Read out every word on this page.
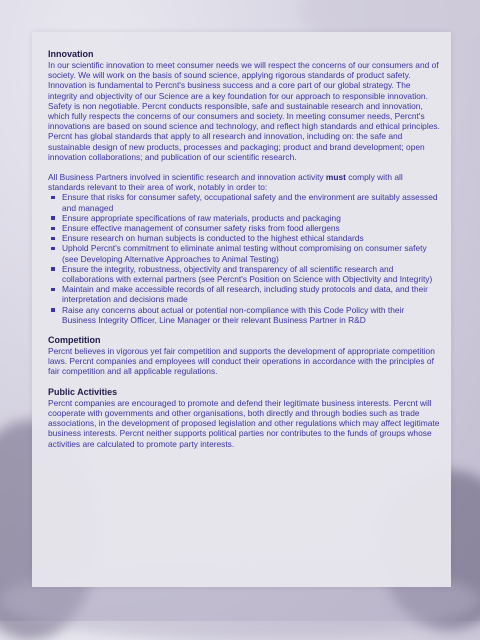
Innovation

In our scientific innovation to meet consumer needs we will respect the concerns of our consumers and of society. We will work on the basis of sound science, applying rigorous standards of product safety. Innovation is fundamental to Percnt's business success and a core part of our global strategy. The integrity and objectivity of our Science are a key foundation for our approach to responsible innovation. Safety is non negotiable. Percnt conducts responsible, safe and sustainable research and innovation, which fully respects the concerns of our consumers and society. In meeting consumer needs, Percnt's innovations are based on sound science and technology, and reflect high standards and ethical principles. Percnt has global standards that apply to all research and innovation, including on: the safe and sustainable design of new products, processes and packaging; product and brand development; open innovation collaborations; and publication of our scientific research.

All Business Partners involved in scientific research and innovation activity must comply with all standards relevant to their area of work, notably in order to:

Ensure that risks for consumer safety, occupational safety and the environment are suitably assessed and managed
Ensure appropriate specifications of raw materials, products and packaging
Ensure effective management of consumer safety risks from food allergens
Ensure research on human subjects is conducted to the highest ethical standards
Uphold Percnt's commitment to eliminate animal testing without compromising on consumer safety (see Developing Alternative Approaches to Animal Testing)
Ensure the integrity, robustness, objectivity and transparency of all scientific research and collaborations with external partners (see Percnt's Position on Science with Objectivity and Integrity)
Maintain and make accessible records of all research, including study protocols and data, and their interpretation and decisions made
Raise any concerns about actual or potential non-compliance with this Code Policy with their Business Integrity Officer, Line Manager or their relevant Business Partner in R&D
Competition

Percnt believes in vigorous yet fair competition and supports the development of appropriate competition laws. Percnt companies and employees will conduct their operations in accordance with the principles of fair competition and all applicable regulations.

Public Activities

Percnt companies are encouraged to promote and defend their legitimate business interests. Percnt will cooperate with governments and other organisations, both directly and through bodies such as trade associations, in the development of proposed legislation and other regulations which may affect legitimate business interests. Percnt neither supports political parties nor contributes to the funds of groups whose activities are calculated to promote party interests.
